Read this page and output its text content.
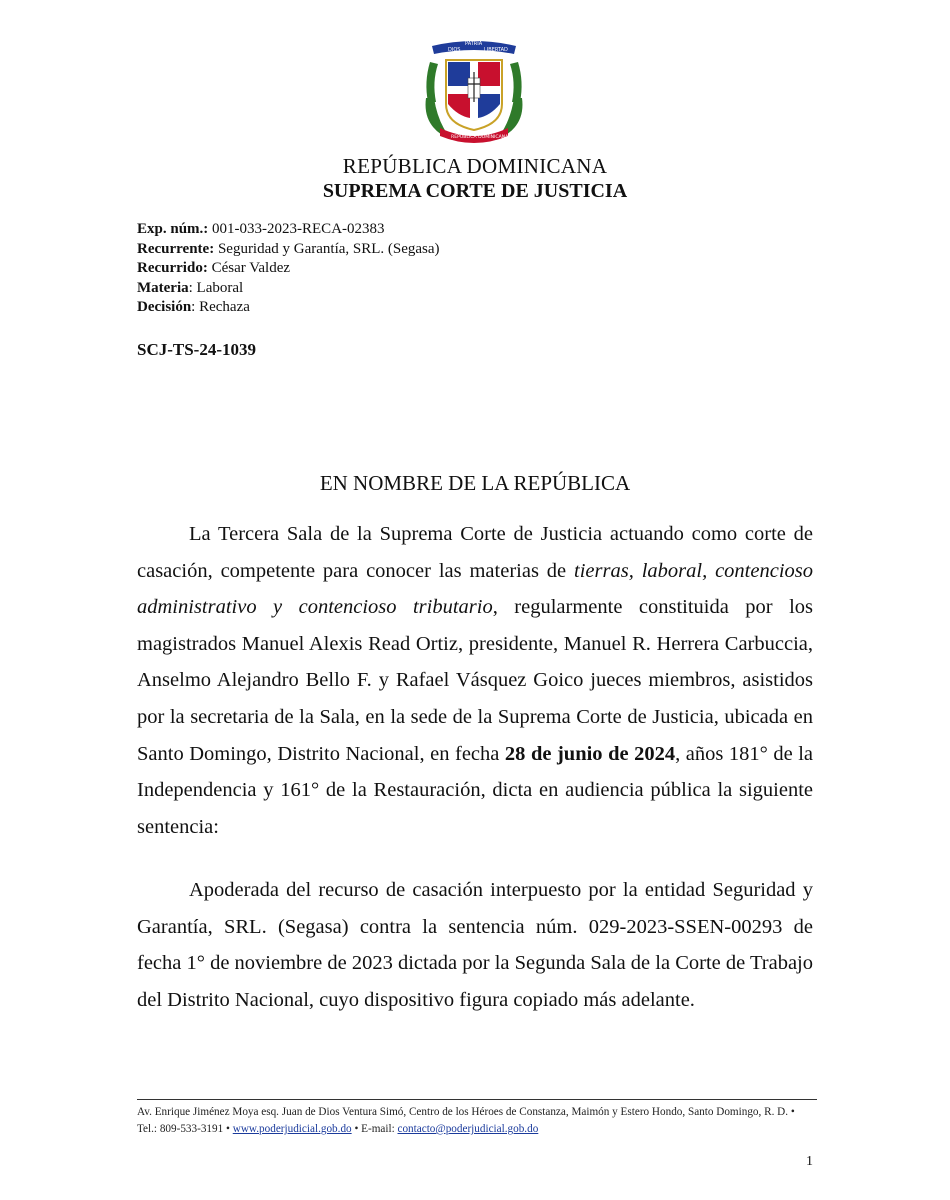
DIOS
PATRIA
LIBERTAD
REPÚBLICA DOMINICANA
REPÚBLICA DOMINICANA
SUPREMA CORTE DE JUSTICIA
Exp. núm.: 001-033-2023-RECA-02383
Recurrente: Seguridad y Garantía, SRL. (Segasa)
Recurrido: César Valdez
Materia: Laboral
Decisión: Rechaza
SCJ-TS-24-1039
EN NOMBRE DE LA REPÚBLICA

La Tercera Sala de la Suprema Corte de Justicia actuando como corte de casación, competente para conocer las materias de tierras, laboral, contencioso administrativo y contencioso tributario, regularmente constituida por los magistrados Manuel Alexis Read Ortiz, presidente, Manuel R. Herrera Carbuccia, Anselmo Alejandro Bello F. y Rafael Vásquez Goico jueces miembros, asistidos por la secretaria de la Sala, en la sede de la Suprema Corte de Justicia, ubicada en Santo Domingo, Distrito Nacional, en fecha 28 de junio de 2024, años 181° de la Independencia y 161° de la Restauración, dicta en audiencia pública la siguiente sentencia:

Apoderada del recurso de casación interpuesto por la entidad Seguridad y Garantía, SRL. (Segasa) contra la sentencia núm. 029-2023-SSEN-00293 de fecha 1° de noviembre de 2023 dictada por la Segunda Sala de la Corte de Trabajo del Distrito Nacional, cuyo dispositivo figura copiado más adelante.

Av. Enrique Jiménez Moya esq. Juan de Dios Ventura Simó, Centro de los Héroes de Constanza, Maimón y Estero Hondo, Santo Domingo, R. D. • Tel.: 809-533-3191 • www.poderjudicial.gob.do • E-mail: contacto@poderjudicial.gob.do
1
